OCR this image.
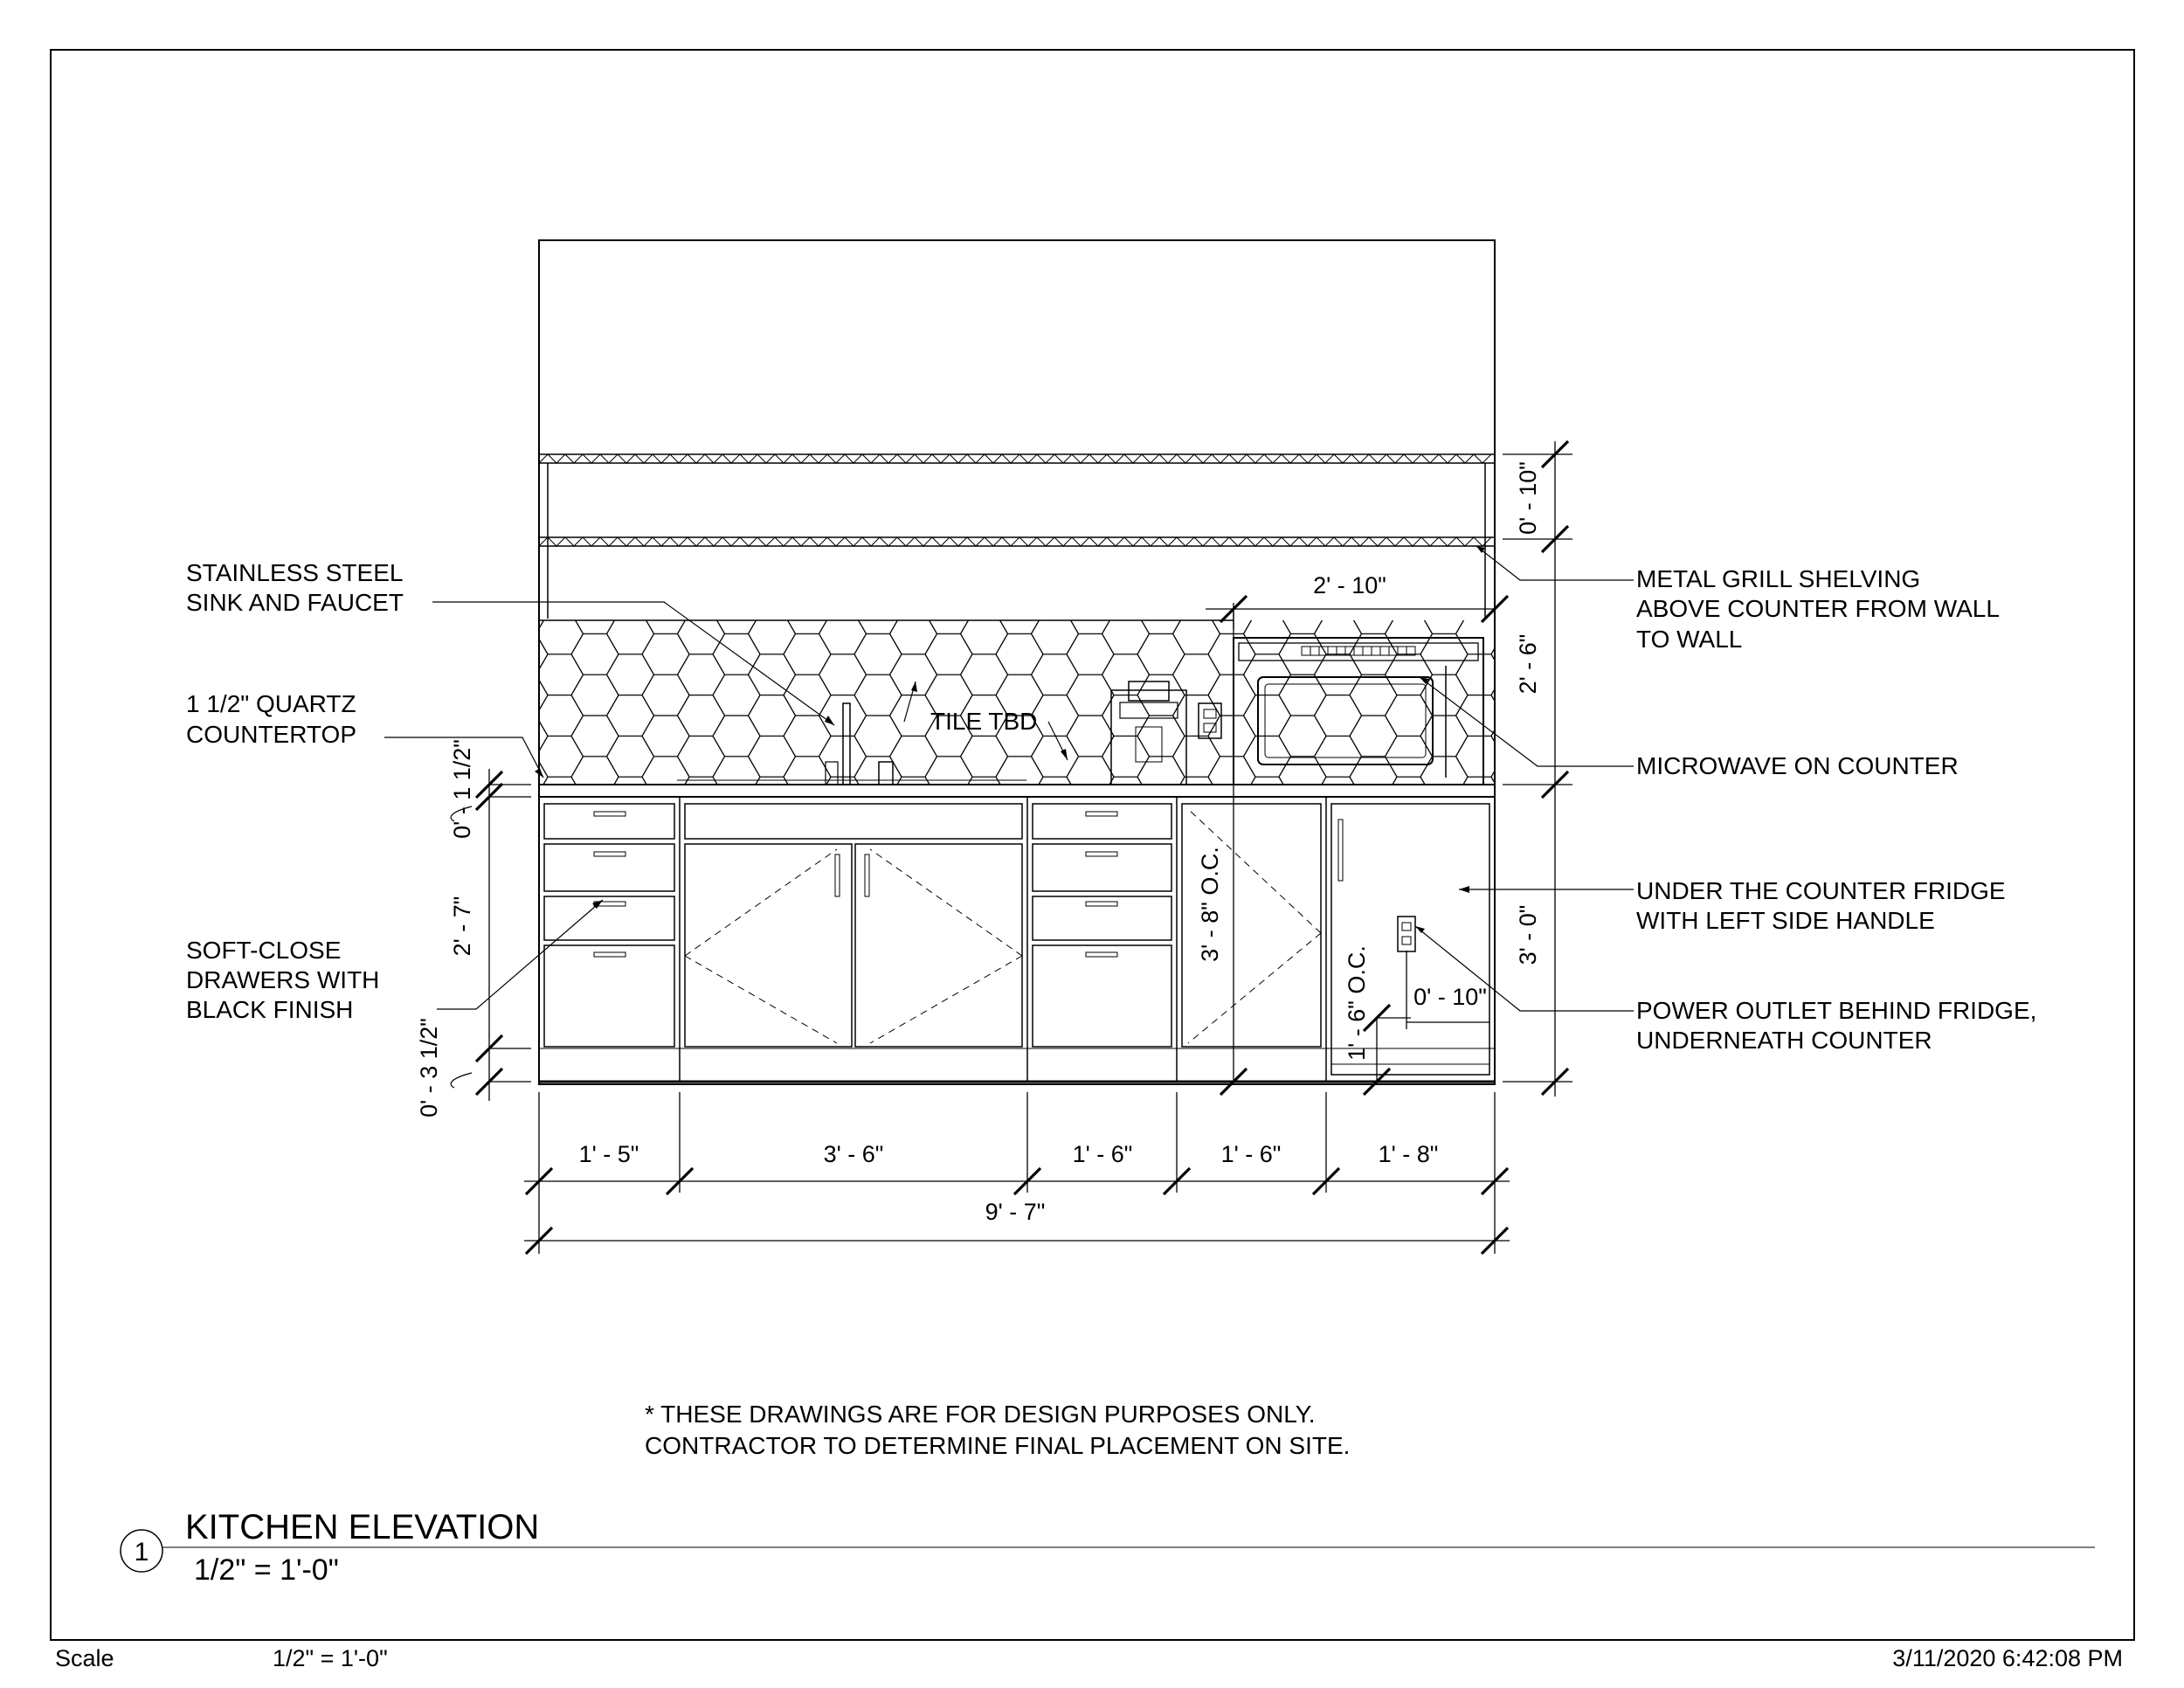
STAINLESS STEEL
SINK AND FAUCET
1 1/2" QUARTZ
COUNTERTOP
SOFT-CLOSE
DRAWERS WITH
BLACK FINISH
TILE TBD
METAL GRILL SHELVING
ABOVE COUNTER FROM WALL
TO WALL
MICROWAVE ON COUNTER
UNDER THE COUNTER FRIDGE
WITH LEFT SIDE HANDLE
POWER OUTLET BEHIND FRIDGE,
UNDERNEATH COUNTER
1' - 5"	3' - 6"	1' - 6"	1' - 6"	1' - 8"
9' - 7"
2' - 10"
0' - 10"
0' - 10"
2' - 6"
3' - 0"
0' - 1 1/2"
2' - 7"
0' - 3 1/2"
3' - 8" O.C.
1' - 6" O.C.
* THESE DRAWINGS ARE FOR DESIGN PURPOSES ONLY.
CONTRACTOR TO DETERMINE FINAL PLACEMENT ON SITE.
1
KITCHEN ELEVATION
1/2" = 1'-0"
Scale	1/2" = 1'-0"	3/11/2020 6:42:08 PM
